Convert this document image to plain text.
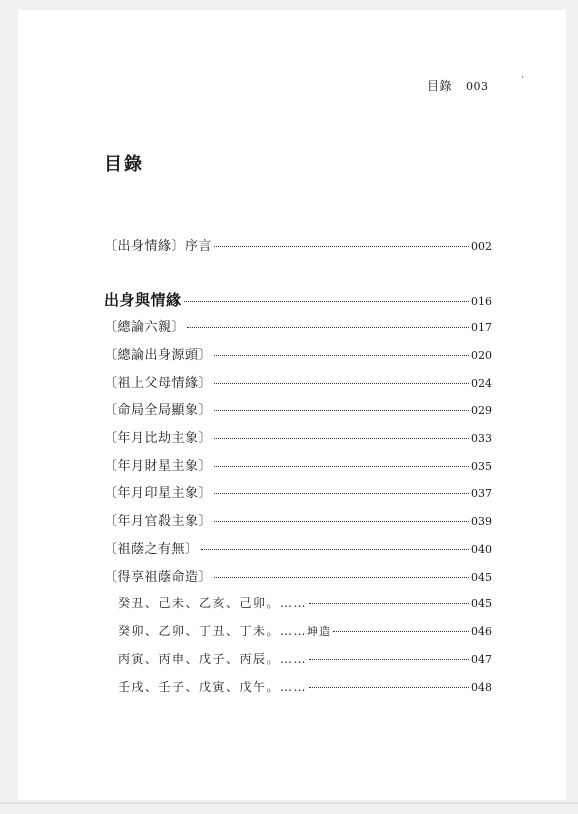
目錄 003	˙
目錄
〔出身情緣〕序言	002
出身與情緣	016
〔總論六親〕	017
〔總論出身源頭〕	020
〔祖上父母情緣〕	024
〔命局全局顯象〕	029
〔年月比劫主象〕	033
〔年月財星主象〕	035
〔年月印星主象〕	037
〔年月官殺主象〕	039
〔祖蔭之有無〕	040
〔得享祖蔭命造〕	045
癸丑、己未、乙亥、己卯。……	045
癸卯、乙卯、丁丑、丁未。…… 坤造	046
丙寅、丙申、戊子、丙辰。……	047
壬戌、壬子、戊寅、戊午。……	048
